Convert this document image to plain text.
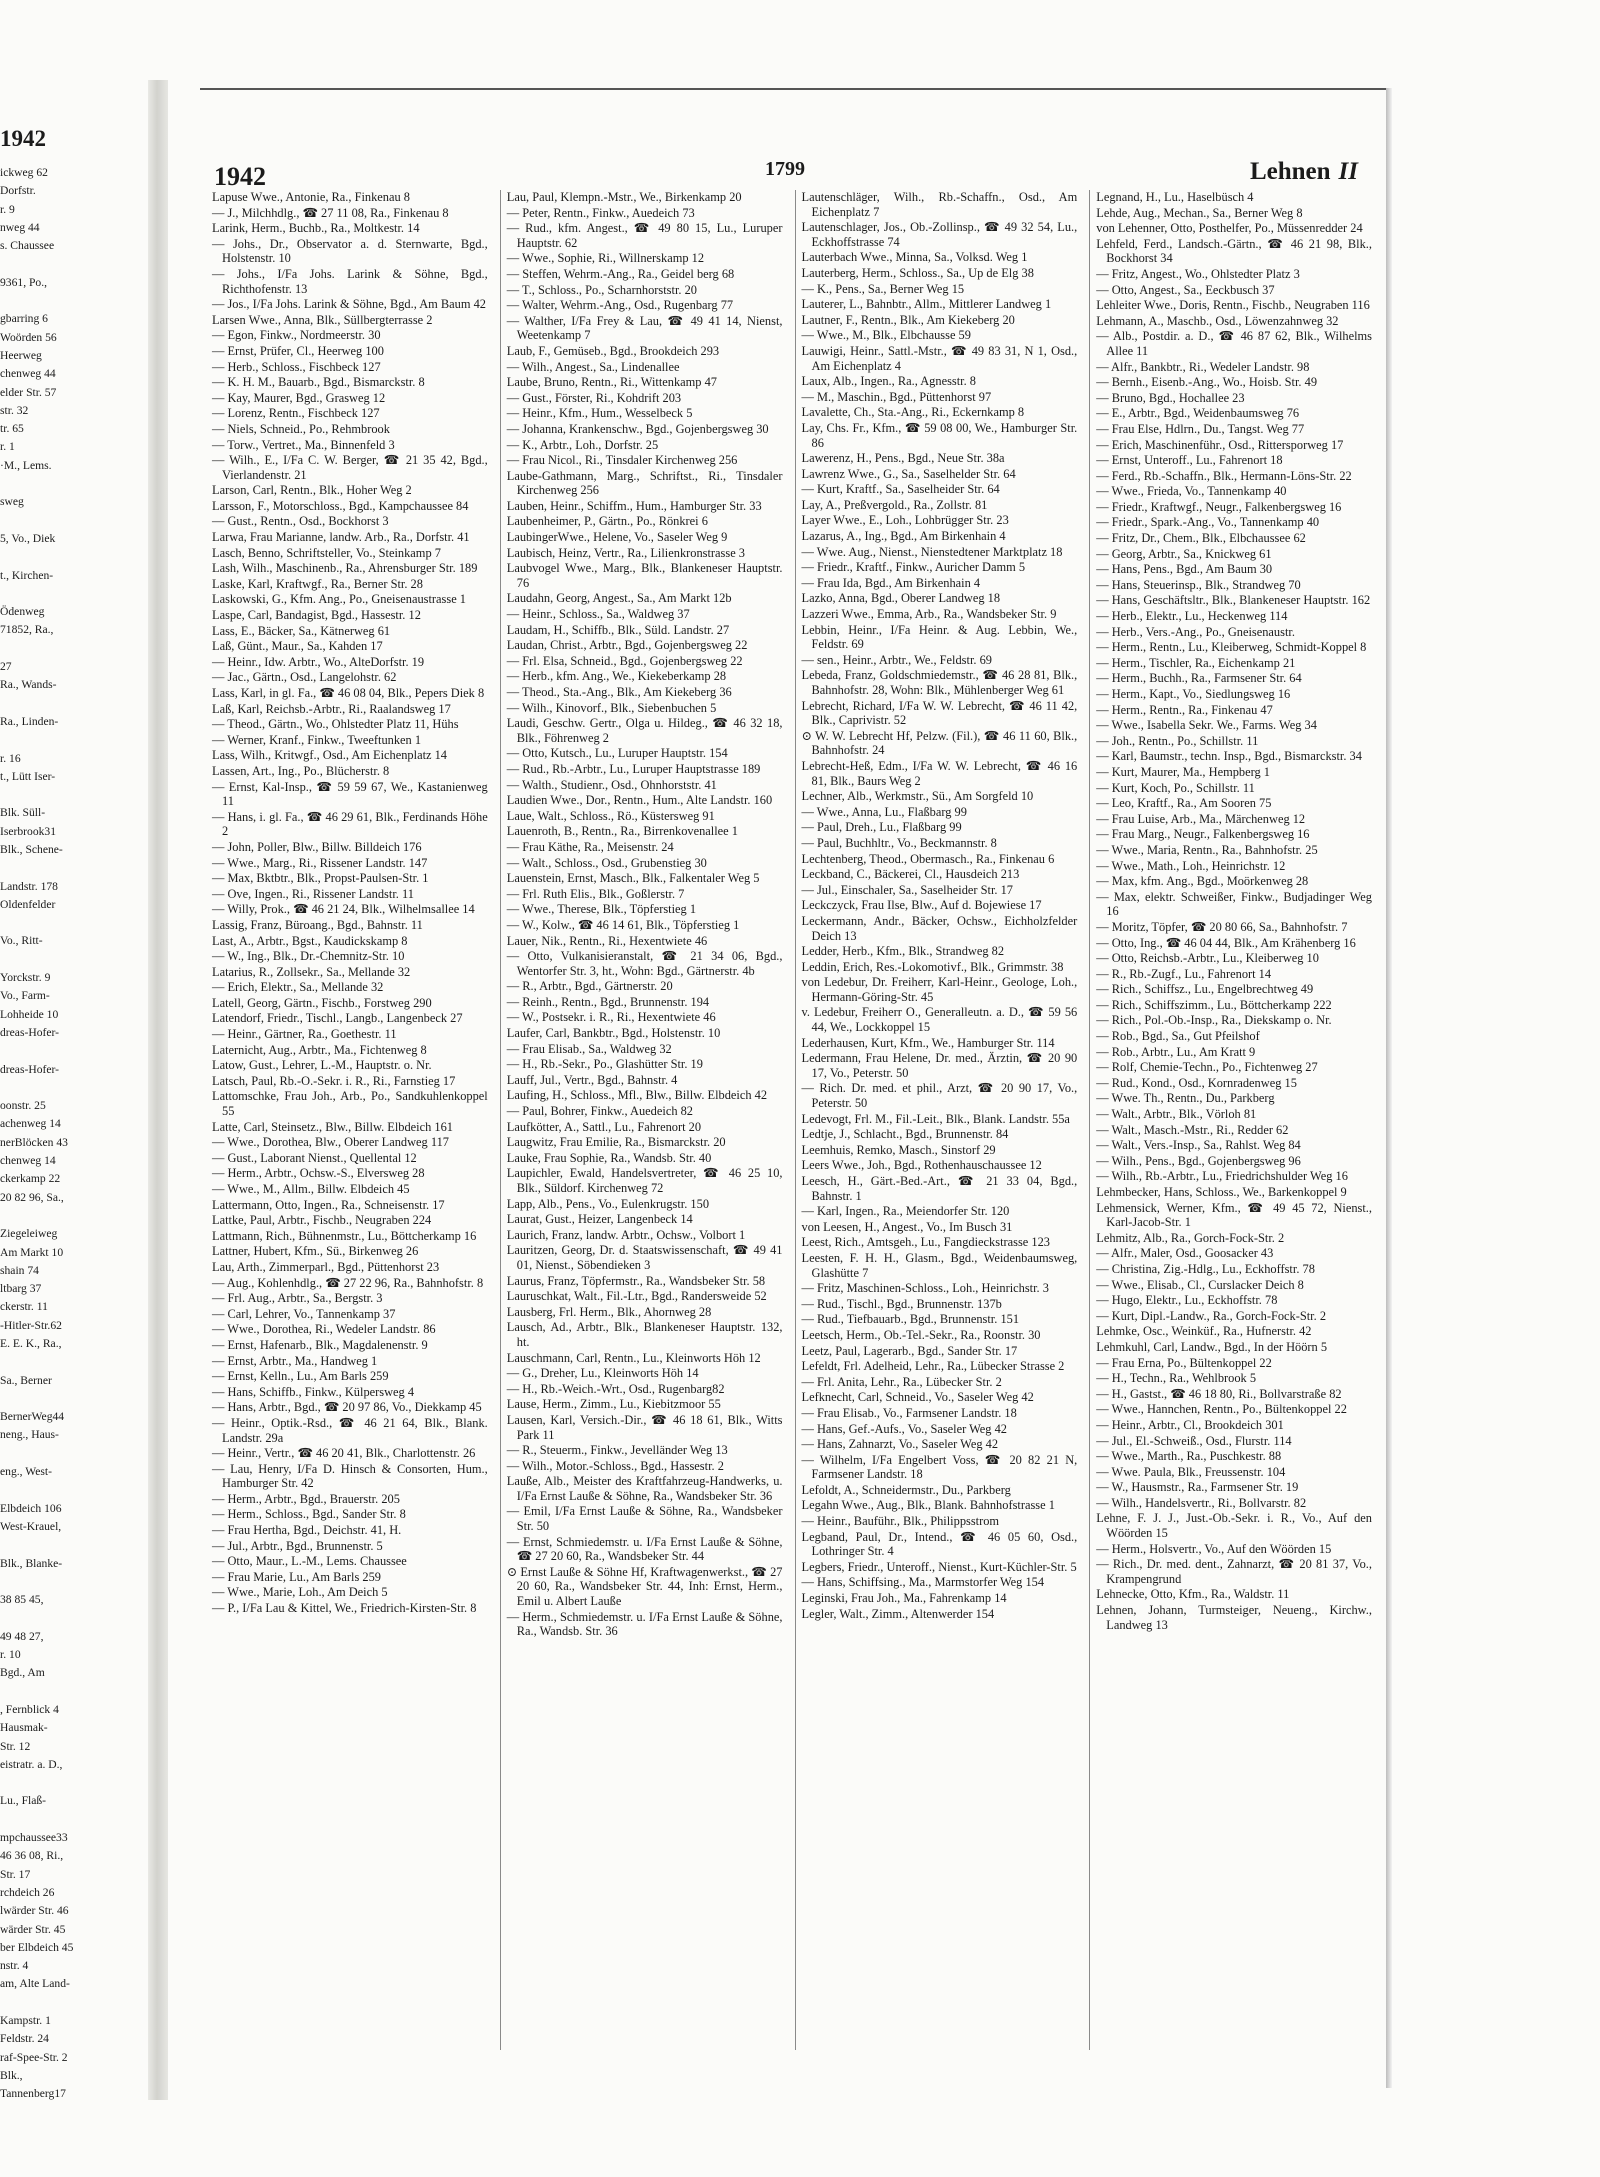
1942
ickweg 62
Dorfstr.
r. 9
nweg 44
s. Chaussee

9361, Po.,

gbarring 6
Woörden 56
Heerweg
chenweg 44
elder Str. 57
str. 32
tr. 65
r. 1
·M., Lems.

sweg

5, Vo., Diek

t., Kirchen-

Ödenweg
71852, Ra.,

27
Ra., Wands-

Ra., Linden-

r. 16
t., Lütt Iser-

Blk. Süll-
Iserbrook31
Blk., Schene-

Landstr. 178
Oldenfelder

Vo., Ritt-

Yorckstr. 9
Vo., Farm-
Lohheide 10
dreas-Hofer-

dreas-Hofer-

oonstr. 25
achenweg 14
nerBlöcken 43
chenweg 14
ckerkamp 22
20 82 96, Sa.,

Ziegeleiweg
Am Markt 10
shain 74
ltbarg 37
ckerstr. 11
-Hitler-Str.62
E. E. K., Ra.,

Sa., Berner

BernerWeg44
neng., Haus-

eng., West-

Elbdeich 106
West-Krauel,

Blk., Blanke-

38 85 45,

49 48 27,
r. 10
Bgd., Am

, Fernblick 4
Hausmak-
Str. 12
eistratr. a. D.,

Lu., Flaß-

mpchaussee33
46 36 08, Ri.,
Str. 17
rchdeich 26
lwärder Str. 46
wärder Str. 45
ber Elbdeich 45
nstr. 4
am, Alte Land-

Kampstr. 1
Feldstr. 24
raf-Spee-Str. 2
Blk.,
Tannenberg17
1942	1799	Lehnen II
Lapuse Wwe., Antonie, Ra., Finkenau 8
— J., Milchhdlg., ☎ 27 11 08, Ra., Finkenau 8
Larink, Herm., Buchb., Ra., Moltkestr. 14
— Johs., Dr., Observator a. d. Sternwarte, Bgd., Holstenstr. 10
— Johs., I/Fa Johs. Larink & Söhne, Bgd., Richthofenstr. 13
— Jos., I/Fa Johs. Larink & Söhne, Bgd., Am Baum 42
Larsen Wwe., Anna, Blk., Süllbergterrasse 2
— Egon, Finkw., Nordmeerstr. 30
— Ernst, Prüfer, Cl., Heerweg 100
— Herb., Schloss., Fischbeck 127
— K. H. M., Bauarb., Bgd., Bismarckstr. 8
— Kay, Maurer, Bgd., Grasweg 12
— Lorenz, Rentn., Fischbeck 127
— Niels, Schneid., Po., Rehmbrook
— Torw., Vertret., Ma., Binnenfeld 3
— Wilh., E., I/Fa C. W. Berger, ☎ 21 35 42, Bgd., Vierlandenstr. 21
Larson, Carl, Rentn., Blk., Hoher Weg 2
Larsson, F., Motorschloss., Bgd., Kampchaussee 84
— Gust., Rentn., Osd., Bockhorst 3
Larwa, Frau Marianne, landw. Arb., Ra., Dorfstr. 41
Lasch, Benno, Schriftsteller, Vo., Steinkamp 7
Lash, Wilh., Maschinenb., Ra., Ahrensburger Str. 189
Laske, Karl, Kraftwgf., Ra., Berner Str. 28
Laskowski, G., Kfm. Ang., Po., Gneisenaustrasse 1
Laspe, Carl, Bandagist, Bgd., Hassestr. 12
Lass, E., Bäcker, Sa., Kätnerweg 61
Laß, Günt., Maur., Sa., Kahden 17
— Heinr., Idw. Arbtr., Wo., AlteDorfstr. 19
— Jac., Gärtn., Osd., Langelohstr. 62
Lass, Karl, in gl. Fa., ☎ 46 08 04, Blk., Pepers Diek 8
Laß, Karl, Reichsb.-Arbtr., Ri., Raalandsweg 17
— Theod., Gärtn., Wo., Ohlstedter Platz 11, Hühs
— Werner, Kranf., Finkw., Tweeftunken 1
Lass, Wilh., Kritwgf., Osd., Am Eichenplatz 14
Lassen, Art., Ing., Po., Blücherstr. 8
— Ernst, Kal-Insp., ☎ 59 59 67, We., Kastanienweg 11
— Hans, i. gl. Fa., ☎ 46 29 61, Blk., Ferdinands Höhe 2
— John, Poller, Blw., Billw. Billdeich 176
— Wwe., Marg., Ri., Rissener Landstr. 147
— Max, Bktbtr., Blk., Propst-Paulsen-Str. 1
— Ove, Ingen., Ri., Rissener Landstr. 11
— Willy, Prok., ☎ 46 21 24, Blk., Wilhelmsallee 14
Lassig, Franz, Büroang., Bgd., Bahnstr. 11
Last, A., Arbtr., Bgst., Kaudickskamp 8
— W., Ing., Blk., Dr.-Chemnitz-Str. 10
Latarius, R., Zollsekr., Sa., Mellande 32
— Erich, Elektr., Sa., Mellande 32
Latell, Georg, Gärtn., Fischb., Forstweg 290
Latendorf, Friedr., Tischl., Langb., Langenbeck 27
— Heinr., Gärtner, Ra., Goethestr. 11
Laternicht, Aug., Arbtr., Ma., Fichtenweg 8
Latow, Gust., Lehrer, L.-M., Hauptstr. o. Nr.
Latsch, Paul, Rb.-O.-Sekr. i. R., Ri., Farnstieg 17
Lattomschke, Frau Joh., Arb., Po., Sandkuhlenkoppel 55
Latte, Carl, Steinsetz., Blw., Billw. Elbdeich 161
— Wwe., Dorothea, Blw., Oberer Landweg 117
— Gust., Laborant Nienst., Quellental 12
— Herm., Arbtr., Ochsw.-S., Elversweg 28
— Wwe., M., Allm., Billw. Elbdeich 45
Lattermann, Otto, Ingen., Ra., Schneisenstr. 17
Lattke, Paul, Arbtr., Fischb., Neugraben 224
Lattmann, Rich., Bühnenmstr., Lu., Böttcherkamp 16
Lattner, Hubert, Kfm., Sü., Birkenweg 26
Lau, Arth., Zimmerparl., Bgd., Püttenhorst 23
— Aug., Kohlenhdlg., ☎ 27 22 96, Ra., Bahnhofstr. 8
— Frl. Aug., Arbtr., Sa., Bergstr. 3
— Carl, Lehrer, Vo., Tannenkamp 37
— Wwe., Dorothea, Ri., Wedeler Landstr. 86
— Ernst, Hafenarb., Blk., Magdalenenstr. 9
— Ernst, Arbtr., Ma., Handweg 1
— Ernst, Kelln., Lu., Am Barls 259
— Hans, Schiffb., Finkw., Külpersweg 4
— Hans, Arbtr., Bgd., ☎ 20 97 86, Vo., Diekkamp 45
— Heinr., Optik.-Rsd., ☎ 46 21 64, Blk., Blank. Landstr. 29a
— Heinr., Vertr., ☎ 46 20 41, Blk., Charlottenstr. 26
— Lau, Henry, I/Fa D. Hinsch & Consorten, Hum., Hamburger Str. 42
— Herm., Arbtr., Bgd., Brauerstr. 205
— Herm., Schloss., Bgd., Sander Str. 8
— Frau Hertha, Bgd., Deichstr. 41, H.
— Jul., Arbtr., Bgd., Brunnenstr. 5
— Otto, Maur., L.-M., Lems. Chaussee
— Frau Marie, Lu., Am Barls 259
— Wwe., Marie, Loh., Am Deich 5
— P., I/Fa Lau & Kittel, We., Friedrich-Kirsten-Str. 8
Lau, Paul, Klempn.-Mstr., We., Birkenkamp 20
— Peter, Rentn., Finkw., Auedeich 73
— Rud., kfm. Angest., ☎ 49 80 15, Lu., Luruper Hauptstr. 62
— Wwe., Sophie, Ri., Willnerskamp 12
— Steffen, Wehrm.-Ang., Ra., Geidel berg 68
— T., Schloss., Po., Scharnhorststr. 20
— Walter, Wehrm.-Ang., Osd., Rugenbarg 77
— Walther, I/Fa Frey & Lau, ☎ 49 41 14, Nienst, Weetenkamp 7
Laub, F., Gemüseb., Bgd., Brookdeich 293
— Wilh., Angest., Sa., Lindenallee
Laube, Bruno, Rentn., Ri., Wittenkamp 47
— Gust., Förster, Ri., Kohdrift 203
— Heinr., Kfm., Hum., Wesselbeck 5
— Johanna, Krankenschw., Bgd., Gojenbergsweg 30
— K., Arbtr., Loh., Dorfstr. 25
— Frau Nicol., Ri., Tinsdaler Kirchenweg 256
Laube-Gathmann, Marg., Schriftst., Ri., Tinsdaler Kirchenweg 256
Lauben, Heinr., Schiffm., Hum., Hamburger Str. 33
Laubenheimer, P., Gärtn., Po., Rönkrei 6
LaubingerWwe., Helene, Vo., Saseler Weg 9
Laubisch, Heinz, Vertr., Ra., Lilienkronstrasse 3
Laubvogel Wwe., Marg., Blk., Blankeneser Hauptstr. 76
Laudahn, Georg, Angest., Sa., Am Markt 12b
— Heinr., Schloss., Sa., Waldweg 37
Laudam, H., Schiffb., Blk., Süld. Landstr. 27
Laudan, Christ., Arbtr., Bgd., Gojenbergsweg 22
— Frl. Elsa, Schneid., Bgd., Gojenbergsweg 22
— Herb., kfm. Ang., We., Kiekeberkamp 28
— Theod., Sta.-Ang., Blk., Am Kiekeberg 36
— Wilh., Kinovorf., Blk., Siebenbuchen 5
Laudi, Geschw. Gertr., Olga u. Hildeg., ☎ 46 32 18, Blk., Föhrenweg 2
— Otto, Kutsch., Lu., Luruper Hauptstr. 154
— Rud., Rb.-Arbtr., Lu., Luruper Hauptstrasse 189
— Walth., Studienr., Osd., Ohnhorststr. 41
Laudien Wwe., Dor., Rentn., Hum., Alte Landstr. 160
Laue, Walt., Schloss., Rö., Küstersweg 91
Lauenroth, B., Rentn., Ra., Birrenkovenallee 1
— Frau Käthe, Ra., Meisenstr. 24
— Walt., Schloss., Osd., Grubenstieg 30
Lauenstein, Ernst, Masch., Blk., Falkentaler Weg 5
— Frl. Ruth Elis., Blk., Goßlerstr. 7
— Wwe., Therese, Blk., Töpferstieg 1
— W., Kolw., ☎ 46 14 61, Blk., Töpferstieg 1
Lauer, Nik., Rentn., Ri., Hexentwiete 46
— Otto, Vulkanisieranstalt, ☎ 21 34 06, Bgd., Wentorfer Str. 3, ht., Wohn: Bgd., Gärtnerstr. 4b
— R., Arbtr., Bgd., Gärtnerstr. 20
— Reinh., Rentn., Bgd., Brunnenstr. 194
— W., Postsekr. i. R., Ri., Hexentwiete 46
Laufer, Carl, Bankbtr., Bgd., Holstenstr. 10
— Frau Elisab., Sa., Waldweg 32
— H., Rb.-Sekr., Po., Glashütter Str. 19
Lauff, Jul., Vertr., Bgd., Bahnstr. 4
Laufing, H., Schloss., Mfl., Blw., Billw. Elbdeich 42
— Paul, Bohrer, Finkw., Auedeich 82
Laufkötter, A., Sattl., Lu., Fahrenort 20
Laugwitz, Frau Emilie, Ra., Bismarckstr. 20
Lauke, Frau Sophie, Ra., Wandsb. Str. 40
Laupichler, Ewald, Handelsvertreter, ☎ 46 25 10, Blk., Süldorf. Kirchenweg 72
Lapp, Alb., Pens., Vo., Eulenkrugstr. 150
Laurat, Gust., Heizer, Langenbeck 14
Laurich, Franz, landw. Arbtr., Ochsw., Volbort 1
Lauritzen, Georg, Dr. d. Staatswissenschaft, ☎ 49 41 01, Nienst., Söbendieken 3
Laurus, Franz, Töpfermstr., Ra., Wandsbeker Str. 58
Lauruschkat, Walt., Fil.-Ltr., Bgd., Randersweide 52
Lausberg, Frl. Herm., Blk., Ahornweg 28
Lausch, Ad., Arbtr., Blk., Blankeneser Hauptstr. 132, ht.
Lauschmann, Carl, Rentn., Lu., Kleinworts Höh 12
— G., Dreher, Lu., Kleinworts Höh 14
— H., Rb.-Weich.-Wrt., Osd., Rugenbarg82
Lause, Herm., Zimm., Lu., Kiebitzmoor 55
Lausen, Karl, Versich.-Dir., ☎ 46 18 61, Blk., Witts Park 11
— R., Steuerm., Finkw., Jevelländer Weg 13
— Wilh., Motor.-Schloss., Bgd., Hassestr. 2
Lauße, Alb., Meister des Kraftfahrzeug-Handwerks, u. I/Fa Ernst Lauße & Söhne, Ra., Wandsbeker Str. 36
— Emil, I/Fa Ernst Lauße & Söhne, Ra., Wandsbeker Str. 50
— Ernst, Schmiedemstr. u. I/Fa Ernst Lauße & Söhne, ☎ 27 20 60, Ra., Wandsbeker Str. 44
⊙ Ernst Lauße & Söhne Hf, Kraftwagenwerkst., ☎ 27 20 60, Ra., Wandsbeker Str. 44, Inh: Ernst, Herm., Emil u. Albert Lauße
— Herm., Schmiedemstr. u. I/Fa Ernst Lauße & Söhne, Ra., Wandsb. Str. 36
Lautenschläger, Wilh., Rb.-Schaffn., Osd., Am Eichenplatz 7
Lautenschlager, Jos., Ob.-Zollinsp., ☎ 49 32 54, Lu., Eckhoffstrasse 74
Lauterbach Wwe., Minna, Sa., Volksd. Weg 1
Lauterberg, Herm., Schloss., Sa., Up de Elg 38
— K., Pens., Sa., Berner Weg 15
Lauterer, L., Bahnbtr., Allm., Mittlerer Landweg 1
Lautner, F., Rentn., Blk., Am Kiekeberg 20
— Wwe., M., Blk., Elbchausse 59
Lauwigi, Heinr., Sattl.-Mstr., ☎ 49 83 31, N 1, Osd., Am Eichenplatz 4
Laux, Alb., Ingen., Ra., Agnesstr. 8
— M., Maschin., Bgd., Püttenhorst 97
Lavalette, Ch., Sta.-Ang., Ri., Eckernkamp 8
Lay, Chs. Fr., Kfm., ☎ 59 08 00, We., Hamburger Str. 86
Lawerenz, H., Pens., Bgd., Neue Str. 38a
Lawrenz Wwe., G., Sa., Saselhelder Str. 64
— Kurt, Kraftf., Sa., Saselheider Str. 64
Lay, A., Preßvergold., Ra., Zollstr. 81
Layer Wwe., E., Loh., Lohbrügger Str. 23
Lazarus, A., Ing., Bgd., Am Birkenhain 4
— Wwe. Aug., Nienst., Nienstedtener Marktplatz 18
— Friedr., Kraftf., Finkw., Auricher Damm 5
— Frau Ida, Bgd., Am Birkenhain 4
Lazko, Anna, Bgd., Oberer Landweg 18
Lazzeri Wwe., Emma, Arb., Ra., Wandsbeker Str. 9
Lebbin, Heinr., I/Fa Heinr. & Aug. Lebbin, We., Feldstr. 69
— sen., Heinr., Arbtr., We., Feldstr. 69
Lebeda, Franz, Goldschmiedemstr., ☎ 46 28 81, Blk., Bahnhofstr. 28, Wohn: Blk., Mühlenberger Weg 61
Lebrecht, Richard, I/Fa W. W. Lebrecht, ☎ 46 11 42, Blk., Caprivistr. 52
⊙ W. W. Lebrecht Hf, Pelzw. (Fil.), ☎ 46 11 60, Blk., Bahnhofstr. 24
Lebrecht-Heß, Edm., I/Fa W. W. Lebrecht, ☎ 46 16 81, Blk., Baurs Weg 2
Lechner, Alb., Werkmstr., Sü., Am Sorgfeld 10
— Wwe., Anna, Lu., Flaßbarg 99
— Paul, Dreh., Lu., Flaßbarg 99
— Paul, Buchhltr., Vo., Beckmannstr. 8
Lechtenberg, Theod., Obermasch., Ra., Finkenau 6
Leckband, C., Bäckerei, Cl., Hausdeich 213
— Jul., Einschaler, Sa., Saselheider Str. 17
Leckczyck, Frau Ilse, Blw., Auf d. Bojewiese 17
Leckermann, Andr., Bäcker, Ochsw., Eichholzfelder Deich 13
Ledder, Herb., Kfm., Blk., Strandweg 82
Leddin, Erich, Res.-Lokomotivf., Blk., Grimmstr. 38
von Ledebur, Dr. Freiherr, Karl-Heinr., Geologe, Loh., Hermann-Göring-Str. 45
v. Ledebur, Freiherr O., Generalleutn. a. D., ☎ 59 56 44, We., Lockkoppel 15
Lederhausen, Kurt, Kfm., We., Hamburger Str. 114
Ledermann, Frau Helene, Dr. med., Ärztin, ☎ 20 90 17, Vo., Peterstr. 50
— Rich. Dr. med. et phil., Arzt, ☎ 20 90 17, Vo., Peterstr. 50
Ledevogt, Frl. M., Fil.-Leit., Blk., Blank. Landstr. 55a
Ledtje, J., Schlacht., Bgd., Brunnenstr. 84
Leemhuis, Remko, Masch., Sinstorf 29
Leers Wwe., Joh., Bgd., Rothenhauschaussee 12
Leesch, H., Gärt.-Bed.-Art., ☎ 21 33 04, Bgd., Bahnstr. 1
— Karl, Ingen., Ra., Meiendorfer Str. 120
von Leesen, H., Angest., Vo., Im Busch 31
Leest, Rich., Amtsgeh., Lu., Fangdieckstrasse 123
Leesten, F. H. H., Glasm., Bgd., Weidenbaumsweg, Glashütte 7
— Fritz, Maschinen-Schloss., Loh., Heinrichstr. 3
— Rud., Tischl., Bgd., Brunnenstr. 137b
— Rud., Tiefbauarb., Bgd., Brunnenstr. 151
Leetsch, Herm., Ob.-Tel.-Sekr., Ra., Roonstr. 30
Leetz, Paul, Lagerarb., Bgd., Sander Str. 17
Lefeldt, Frl. Adelheid, Lehr., Ra., Lübecker Strasse 2
— Frl. Anita, Lehr., Ra., Lübecker Str. 2
Lefknecht, Carl, Schneid., Vo., Saseler Weg 42
— Frau Elisab., Vo., Farmsener Landstr. 18
— Hans, Gef.-Aufs., Vo., Saseler Weg 42
— Hans, Zahnarzt, Vo., Saseler Weg 42
— Wilhelm, I/Fa Engelbert Voss, ☎ 20 82 21 N, Farmsener Landstr. 18
Lefoldt, A., Schneidermstr., Du., Parkberg
Legahn Wwe., Aug., Blk., Blank. Bahnhofstrasse 1
— Heinr., Bauführ., Blk., Philippsstrom
Legband, Paul, Dr., Intend., ☎ 46 05 60, Osd., Lothringer Str. 4
Legbers, Friedr., Unteroff., Nienst., Kurt-Küchler-Str. 5
— Hans, Schiffsing., Ma., Marmstorfer Weg 154
Leginski, Frau Joh., Ma., Fahrenkamp 14
Legler, Walt., Zimm., Altenwerder 154
Legnand, H., Lu., Haselbüsch 4
Lehde, Aug., Mechan., Sa., Berner Weg 8
von Lehenner, Otto, Posthelfer, Po., Müssenredder 24
Lehfeld, Ferd., Landsch.-Gärtn., ☎ 46 21 98, Blk., Bockhorst 34
— Fritz, Angest., Wo., Ohlstedter Platz 3
— Otto, Angest., Sa., Eeckbusch 37
Lehleiter Wwe., Doris, Rentn., Fischb., Neugraben 116
Lehmann, A., Maschb., Osd., Löwenzahnweg 32
— Alb., Postdir. a. D., ☎ 46 87 62, Blk., Wilhelms Allee 11
— Alfr., Bankbtr., Ri., Wedeler Landstr. 98
— Bernh., Eisenb.-Ang., Wo., Hoisb. Str. 49
— Bruno, Bgd., Hochallee 23
— E., Arbtr., Bgd., Weidenbaumsweg 76
— Frau Else, Hdlrn., Du., Tangst. Weg 77
— Erich, Maschinenführ., Osd., Rittersporweg 17
— Ernst, Unteroff., Lu., Fahrenort 18
— Ferd., Rb.-Schaffn., Blk., Hermann-Löns-Str. 22
— Wwe., Frieda, Vo., Tannenkamp 40
— Friedr., Kraftwgf., Neugr., Falkenbergsweg 16
— Friedr., Spark.-Ang., Vo., Tannenkamp 40
— Fritz, Dr., Chem., Blk., Elbchaussee 62
— Georg, Arbtr., Sa., Knickweg 61
— Hans, Pens., Bgd., Am Baum 30
— Hans, Steuerinsp., Blk., Strandweg 70
— Hans, Geschäftsltr., Blk., Blankeneser Hauptstr. 162
— Herb., Elektr., Lu., Heckenweg 114
— Herb., Vers.-Ang., Po., Gneisenaustr.
— Herm., Rentn., Lu., Kleiberweg, Schmidt-Koppel 8
— Herm., Tischler, Ra., Eichenkamp 21
— Herm., Buchh., Ra., Farmsener Str. 64
— Herm., Kapt., Vo., Siedlungsweg 16
— Herm., Rentn., Ra., Finkenau 47
— Wwe., Isabella Sekr. We., Farms. Weg 34
— Joh., Rentn., Po., Schillstr. 11
— Karl, Baumstr., techn. Insp., Bgd., Bismarckstr. 34
— Kurt, Maurer, Ma., Hempberg 1
— Kurt, Koch, Po., Schillstr. 11
— Leo, Kraftf., Ra., Am Sooren 75
— Frau Luise, Arb., Ma., Märchenweg 12
— Frau Marg., Neugr., Falkenbergsweg 16
— Wwe., Maria, Rentn., Ra., Bahnhofstr. 25
— Wwe., Math., Loh., Heinrichstr. 12
— Max, kfm. Ang., Bgd., Moörkenweg 28
— Max, elektr. Schweißer, Finkw., Budjadinger Weg 16
— Moritz, Töpfer, ☎ 20 80 66, Sa., Bahnhofstr. 7
— Otto, Ing., ☎ 46 04 44, Blk., Am Krähenberg 16
— Otto, Reichsb.-Arbtr., Lu., Kleiberweg 10
— R., Rb.-Zugf., Lu., Fahrenort 14
— Rich., Schiffsz., Lu., Engelbrechtweg 49
— Rich., Schiffszimm., Lu., Böttcherkamp 222
— Rich., Pol.-Ob.-Insp., Ra., Diekskamp o. Nr.
— Rob., Bgd., Sa., Gut Pfeilshof
— Rob., Arbtr., Lu., Am Kratt 9
— Rolf, Chemie-Techn., Po., Fichtenweg 27
— Rud., Kond., Osd., Kornradenweg 15
— Wwe. Th., Rentn., Du., Parkberg
— Walt., Arbtr., Blk., Vörloh 81
— Walt., Masch.-Mstr., Ri., Redder 62
— Walt., Vers.-Insp., Sa., Rahlst. Weg 84
— Wilh., Pens., Bgd., Gojenbergsweg 96
— Wilh., Rb.-Arbtr., Lu., Friedrichshulder Weg 16
Lehmbecker, Hans, Schloss., We., Barkenkoppel 9
Lehmensick, Werner, Kfm., ☎ 49 45 72, Nienst., Karl-Jacob-Str. 1
Lehmitz, Alb., Ra., Gorch-Fock-Str. 2
— Alfr., Maler, Osd., Goosacker 43
— Christina, Zig.-Hdlg., Lu., Eckhoffstr. 78
— Wwe., Elisab., Cl., Curslacker Deich 8
— Hugo, Elektr., Lu., Eckhoffstr. 78
— Kurt, Dipl.-Landw., Ra., Gorch-Fock-Str. 2
Lehmke, Osc., Weinküf., Ra., Hufnerstr. 42
Lehmkuhl, Carl, Landw., Bgd., In der Höörn 5
— Frau Erna, Po., Bültenkoppel 22
— H., Techn., Ra., Wehlbrook 5
— H., Gastst., ☎ 46 18 80, Ri., Bollvarstraße 82
— Wwe., Hannchen, Rentn., Po., Bültenkoppel 22
— Heinr., Arbtr., Cl., Brookdeich 301
— Jul., El.-Schweiß., Osd., Flurstr. 114
— Wwe., Marth., Ra., Puschkestr. 88
— Wwe. Paula, Blk., Freussenstr. 104
— W., Hausmstr., Ra., Farmsener Str. 19
— Wilh., Handelsvertr., Ri., Bollvarstr. 82
Lehne, F. J. J., Just.-Ob.-Sekr. i. R., Vo., Auf den Wöörden 15
— Herm., Holsvertr., Vo., Auf den Wöörden 15
— Rich., Dr. med. dent., Zahnarzt, ☎ 20 81 37, Vo., Krampengrund
Lehnecke, Otto, Kfm., Ra., Waldstr. 11
Lehnen, Johann, Turmsteiger, Neueng., Kirchw., Landweg 13
